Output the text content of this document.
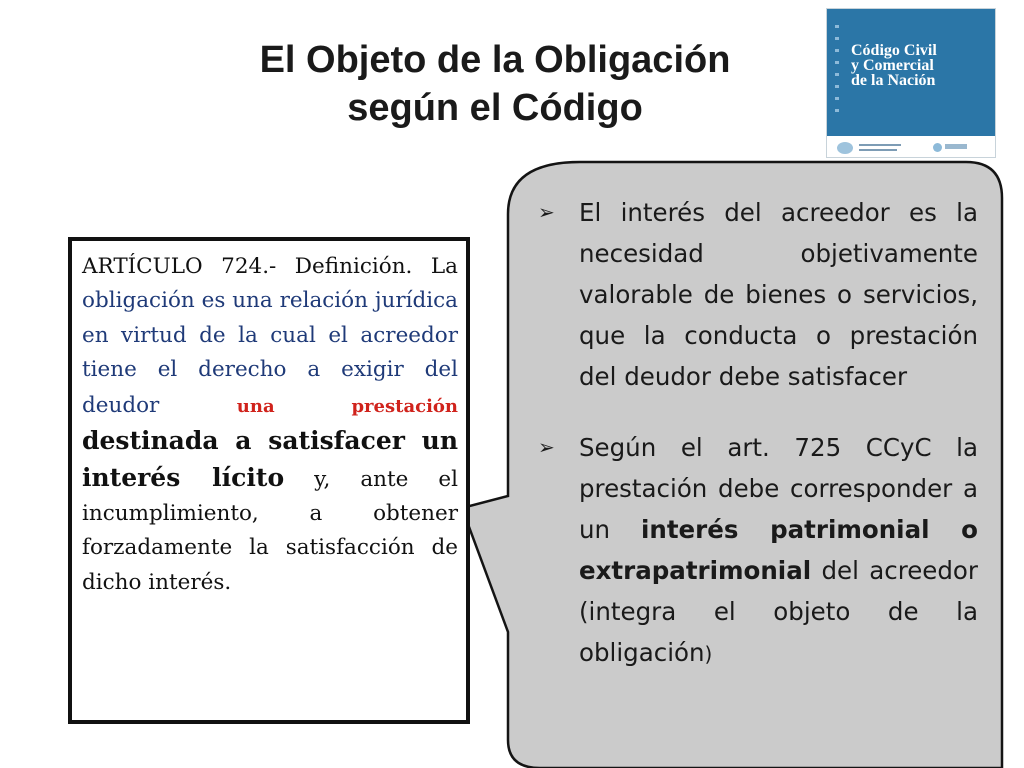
El Objeto de la Obligación
según el Código
Código Civil
y Comercial
de la Nación
ARTÍCULO 724.- Definición. La obligación es una relación jurídica en virtud de la cual el acreedor tiene el derecho a exigir del deudor una prestación destinada a satisfacer un interés lícito y, ante el incumplimiento, a obtener forzadamente la satisfacción de dicho interés.
➢ El interés del acreedor es la necesidad objetivamente valorable de bienes o servicios, que la conducta o prestación del deudor debe satisfacer
➢ Según el art. 725 CCyC la prestación debe corresponder a un interés patrimonial o extrapatrimonial del acreedor (integra el objeto de la obligación)
